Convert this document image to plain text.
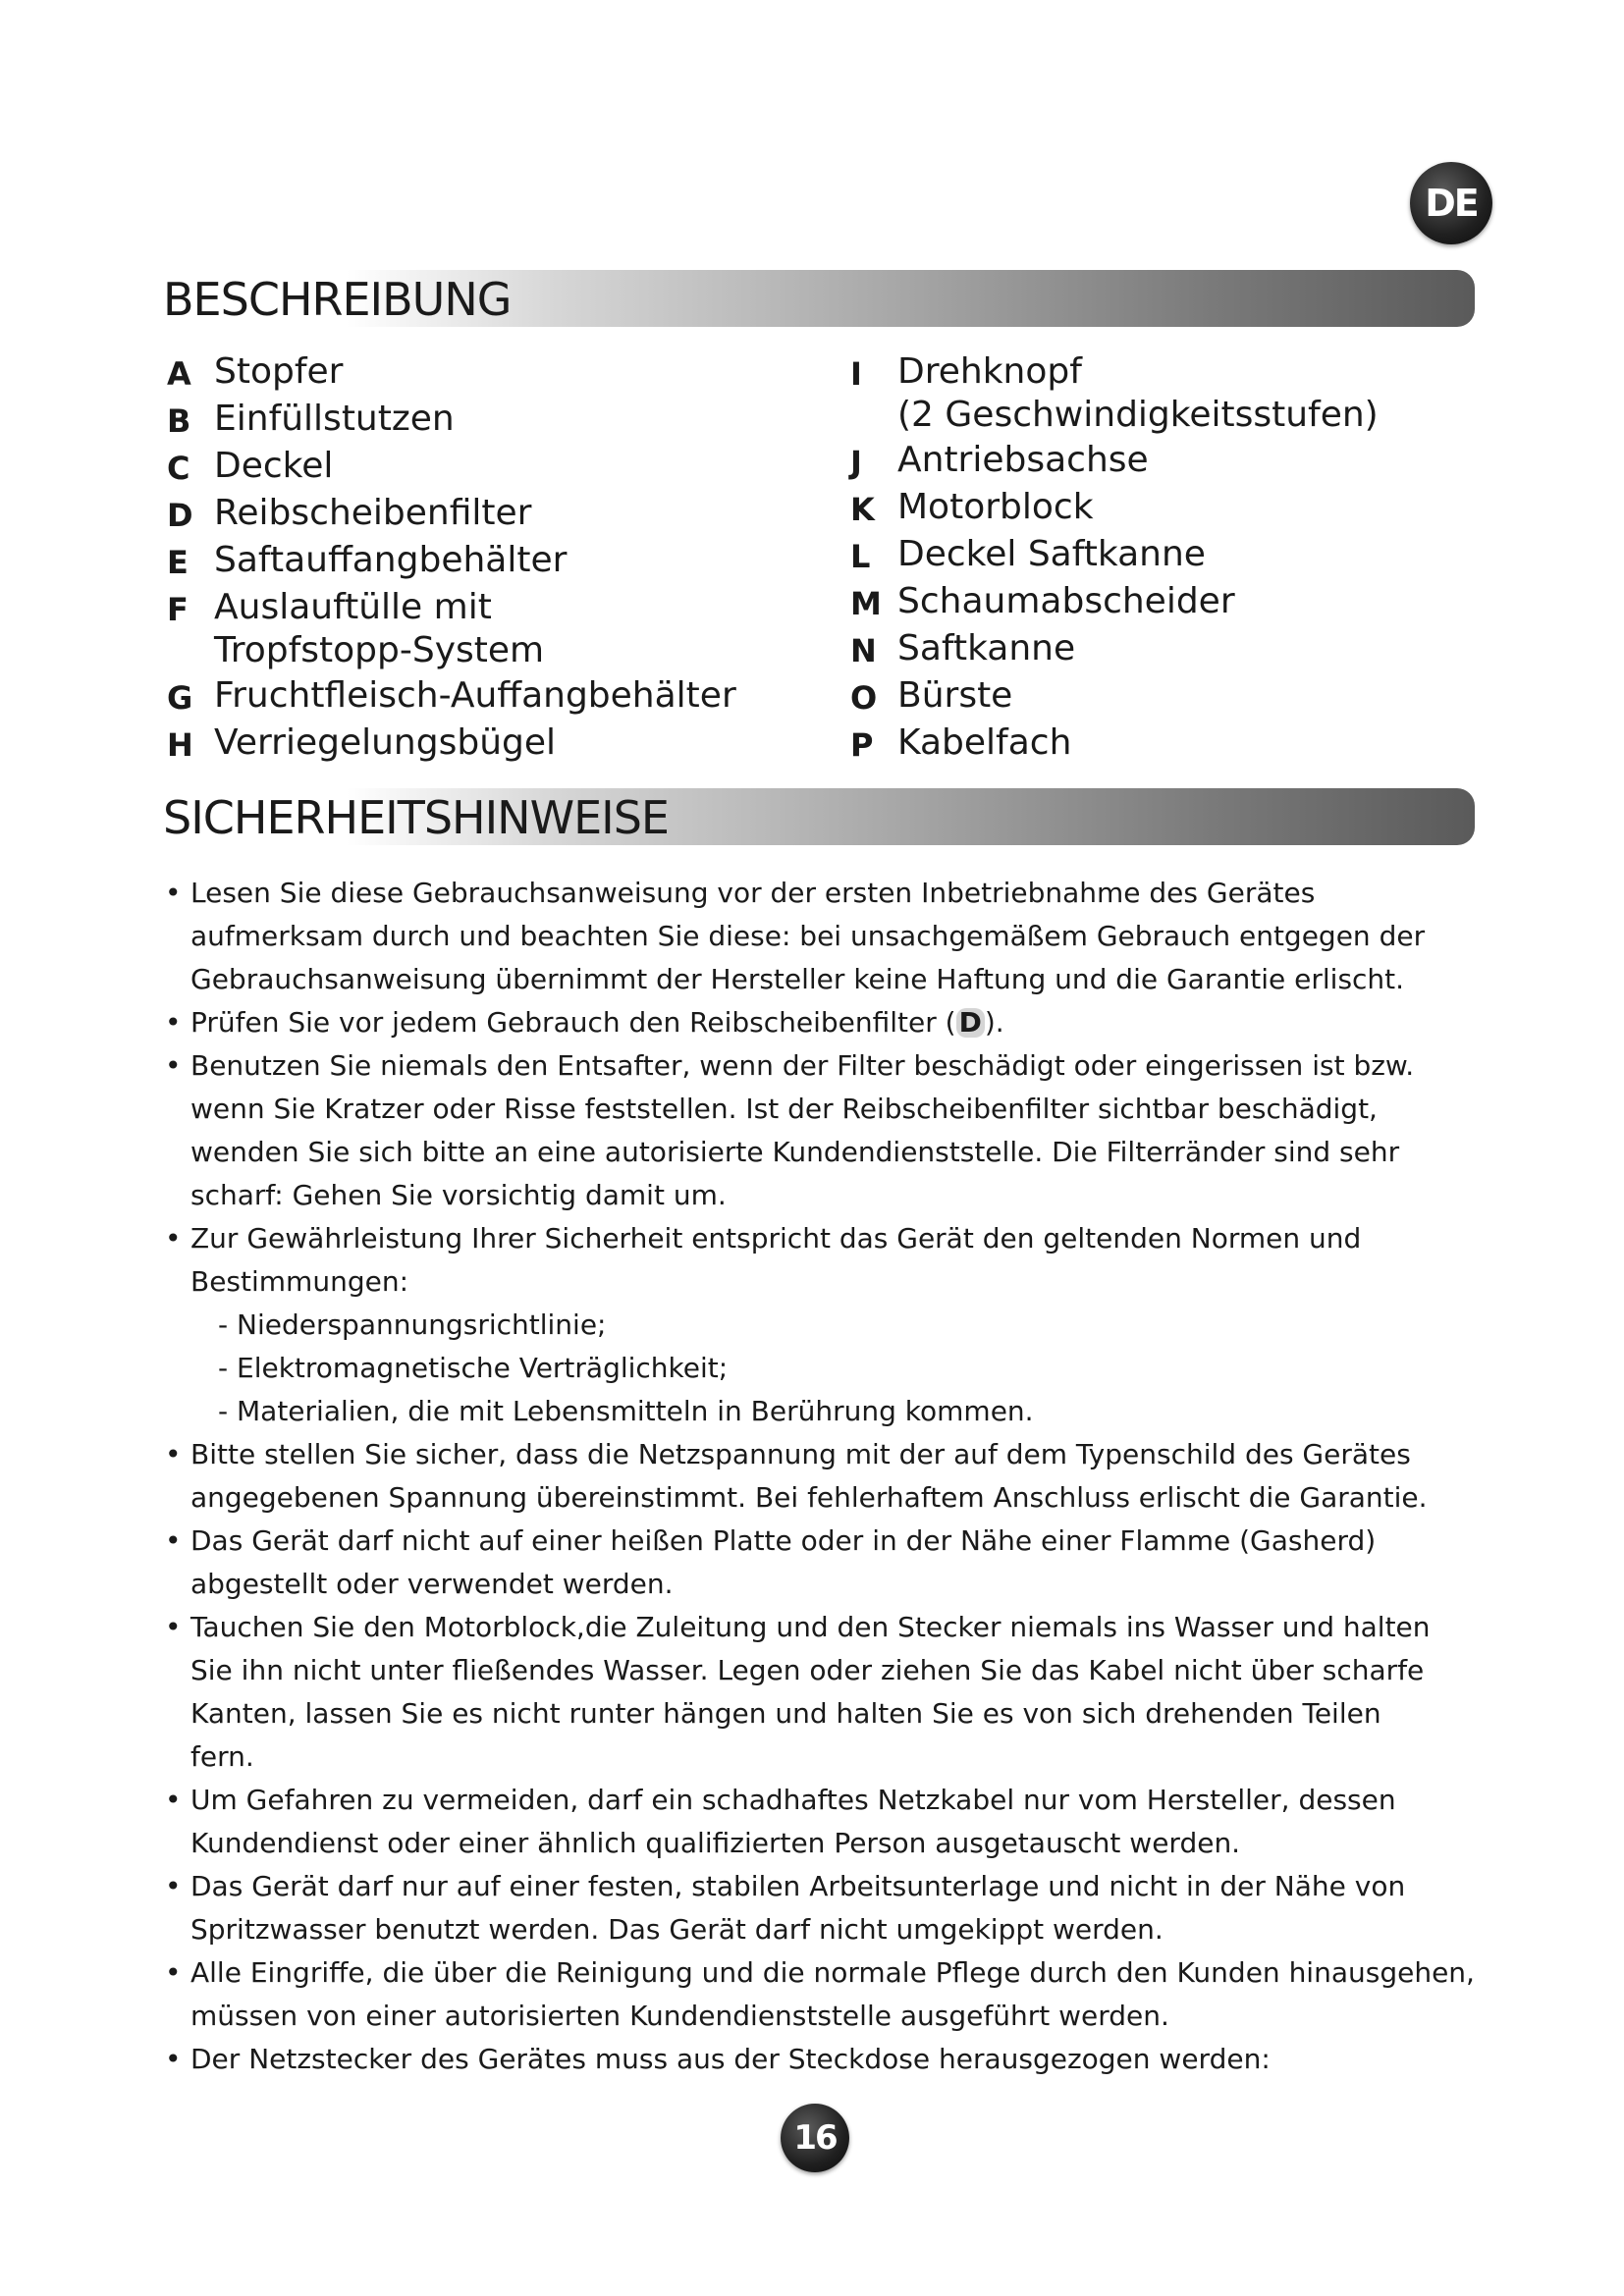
DE
BESCHREIBUNG
A Stopfer
B Einfüllstutzen
C Deckel
D Reibscheibenfilter
E Saftauffangbehälter
F Auslauftülle mit
Tropfstopp-System
G Fruchtfleisch-Auffangbehälter
H Verriegelungsbügel
I	Drehknopf
(2 Geschwindigkeitsstufen)
J	Antriebsachse
K Motorblock
L Deckel Saftkanne
M Schaumabscheider
N Saftkanne
O Bürste
P Kabelfach
SICHERHEITSHINWEISE
• Lesen Sie diese Gebrauchsanweisung vor der ersten Inbetriebnahme des Gerätes
aufmerksam durch und beachten Sie diese: bei unsachgemäßem Gebrauch entgegen der
Gebrauchsanweisung übernimmt der Hersteller keine Haftung und die Garantie erlischt.
• Prüfen Sie vor jedem Gebrauch den Reibscheibenfilter ( D ).
• Benutzen Sie niemals den Entsafter, wenn der Filter beschädigt oder eingerissen ist bzw.
wenn Sie Kratzer oder Risse feststellen. Ist der Reibscheibenfilter sichtbar beschädigt,
wenden Sie sich bitte an eine autorisierte Kundendienststelle. Die Filterränder sind sehr
scharf: Gehen Sie vorsichtig damit um.
• Zur Gewährleistung Ihrer Sicherheit entspricht das Gerät den geltenden Normen und
Bestimmungen:
- Niederspannungsrichtlinie;
- Elektromagnetische Verträglichkeit;
- Materialien, die mit Lebensmitteln in Berührung kommen.
• Bitte stellen Sie sicher, dass die Netzspannung mit der auf dem Typenschild des Gerätes
angegebenen Spannung übereinstimmt. Bei fehlerhaftem Anschluss erlischt die Garantie.
• Das Gerät darf nicht auf einer heißen Platte oder in der Nähe einer Flamme (Gasherd)
abgestellt oder verwendet werden.
• Tauchen Sie den Motorblock,die Zuleitung und den Stecker niemals ins Wasser und halten
Sie ihn nicht unter fließendes Wasser. Legen oder ziehen Sie das Kabel nicht über scharfe
Kanten, lassen Sie es nicht runter hängen und halten Sie es von sich drehenden Teilen
fern.
• Um Gefahren zu vermeiden, darf ein schadhaftes Netzkabel nur vom Hersteller, dessen
Kundendienst oder einer ähnlich qualifizierten Person ausgetauscht werden.
• Das Gerät darf nur auf einer festen, stabilen Arbeitsunterlage und nicht in der Nähe von
Spritzwasser benutzt werden. Das Gerät darf nicht umgekippt werden.
• Alle Eingriffe, die über die Reinigung und die normale Pflege durch den Kunden hinausgehen,
müssen von einer autorisierten Kundendienststelle ausgeführt werden.
• Der Netzstecker des Gerätes muss aus der Steckdose herausgezogen werden:
16
